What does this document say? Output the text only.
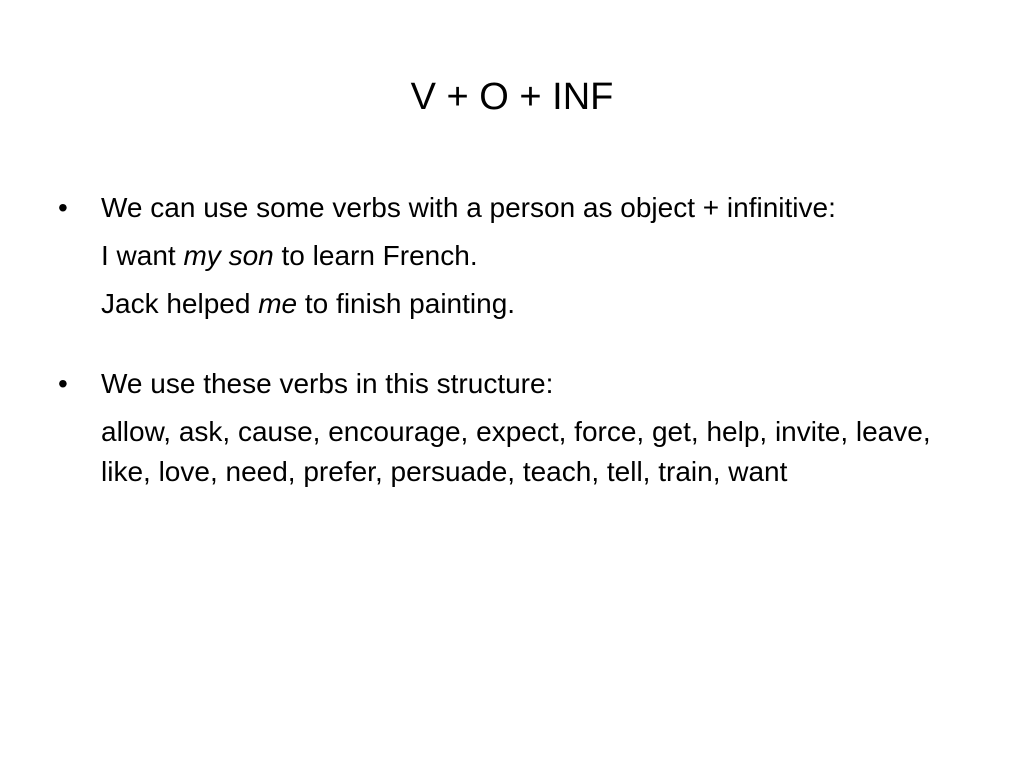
V + O + INF
•	We can use some verbs with a person as object + infinitive:
I want my son to learn French.
Jack helped me to finish painting.
•	We use these verbs in this structure:
allow, ask, cause, encourage, expect, force, get, help, invite, leave, like, love, need, prefer, persuade, teach, tell, train, want
